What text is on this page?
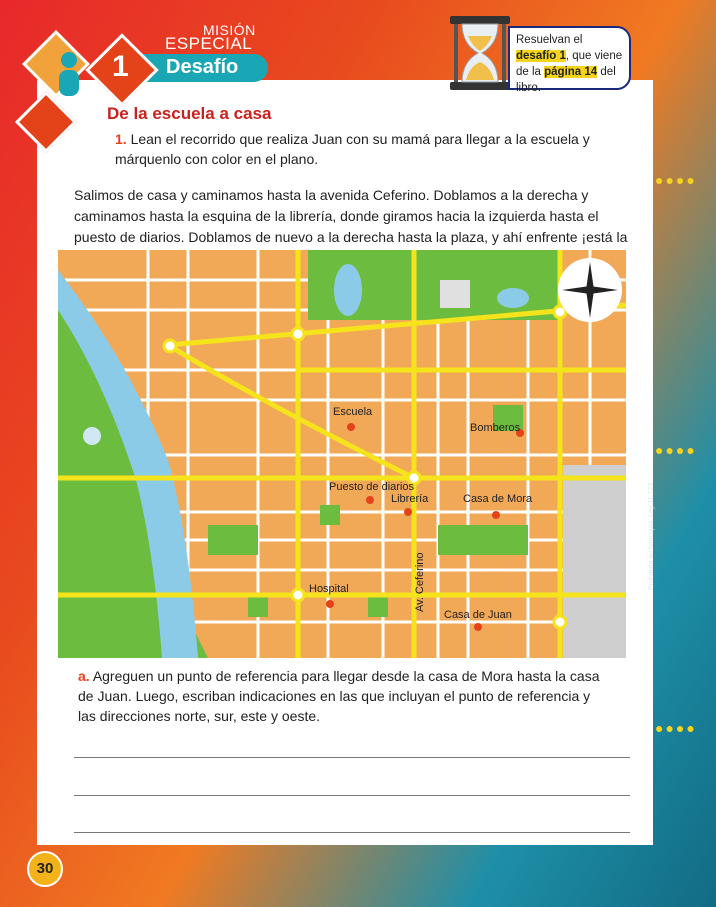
1
MISIÓN
ESPECIAL
Desafío
Resuelvan el desafío 1, que viene de la página 14 del libro.
De la escuela a casa
1. Lean el recorrido que realiza Juan con su mamá para llegar a la escuela y márquenlo con color en el plano.
Salimos de casa y caminamos hasta la avenida Ceferino. Doblamos a la derecha y caminamos hasta la esquina de la librería, donde giramos hacia la izquierda hasta el puesto de diarios. Doblamos de nuevo a la derecha hasta la plaza, y ahí enfrente ¡está la
Escuela
Bomberos
Puesto de diarios
Librería	Casa de Mora
Hospital	Av. Ceferino
Casa de Juan
a. Agreguen un punto de referencia para llegar desde la casa de Mora hasta la casa de Juan. Luego, escriban indicaciones en las que incluyan el punto de referencia y las direcciones norte, sur, este y oeste.
●●●●
●●●●
●●●●
Prohibida su fotocopia. Ley 11.723
30
